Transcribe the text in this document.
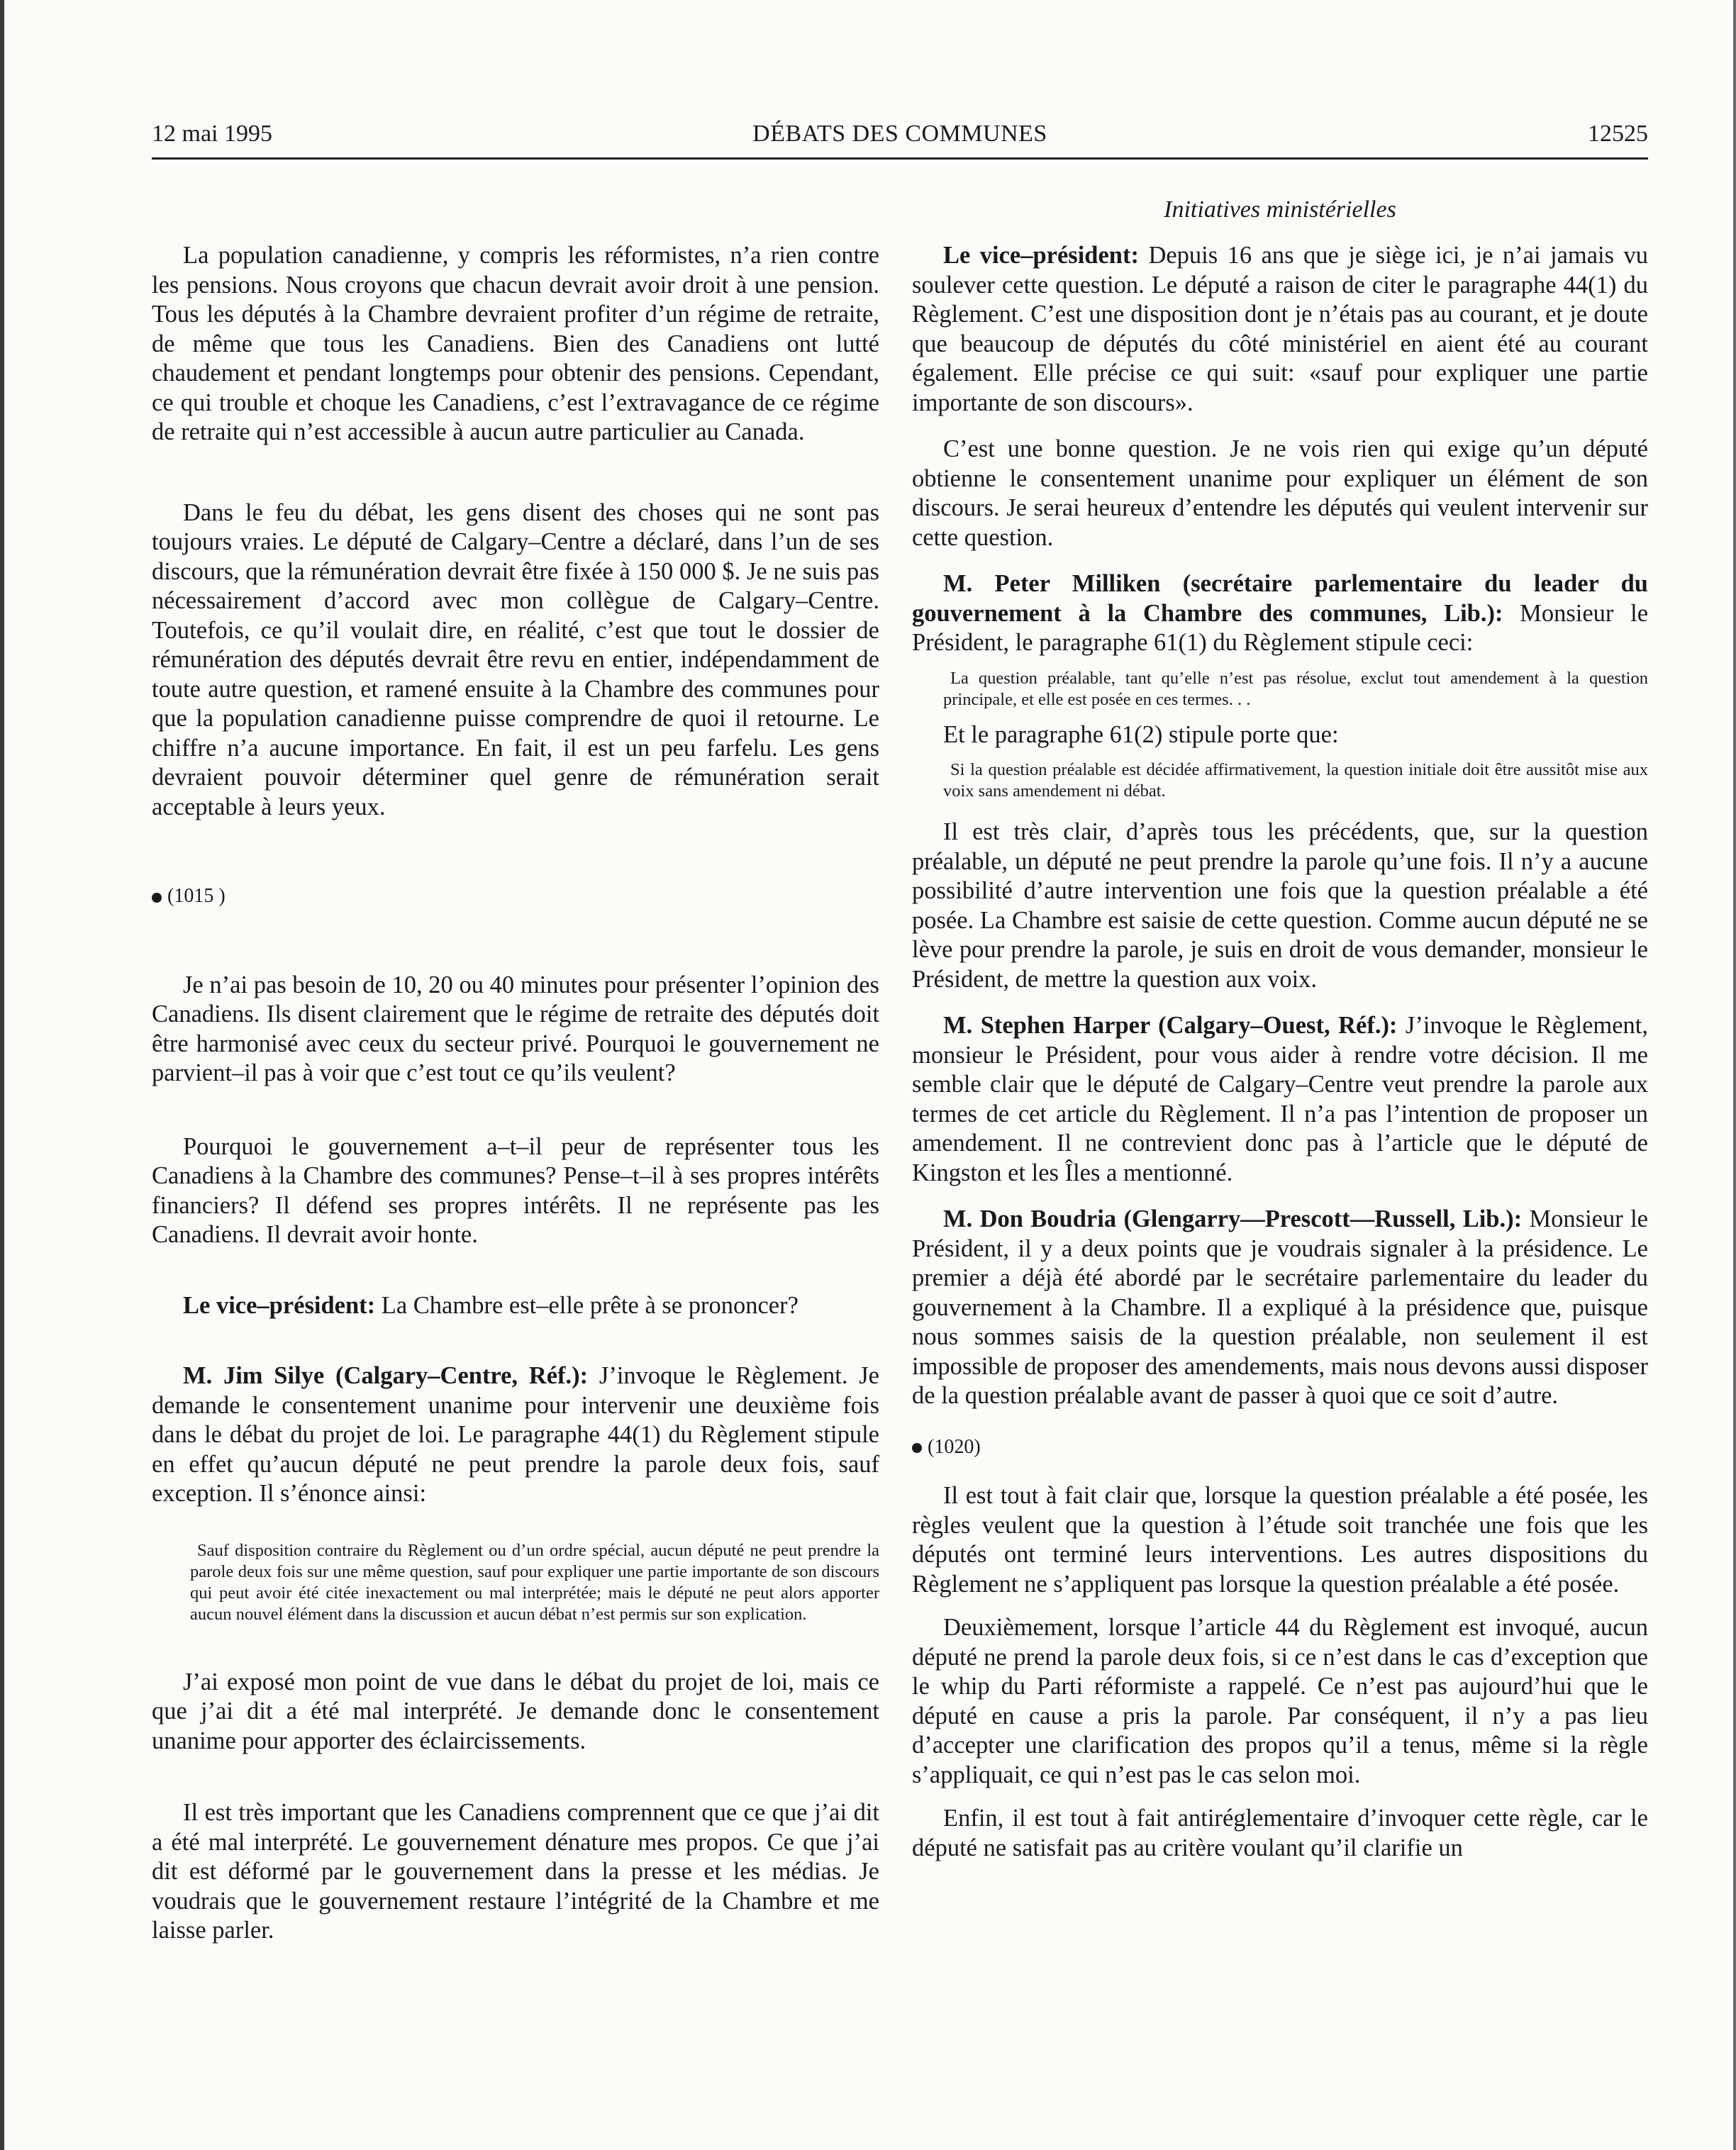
12 mai 1995	DÉBATS DES COMMUNES	12525

La population canadienne, y compris les réformistes, n’a rien contre les pensions. Nous croyons que chacun devrait avoir droit à une pension. Tous les députés à la Chambre devraient profiter d’un régime de retraite, de même que tous les Canadiens. Bien des Canadiens ont lutté chaudement et pendant longtemps pour obtenir des pensions. Cependant, ce qui trouble et choque les Canadiens, c’est l’extravagance de ce régime de retraite qui n’est accessible à aucun autre particulier au Canada.

Dans le feu du débat, les gens disent des choses qui ne sont pas toujours vraies. Le député de Calgary–Centre a déclaré, dans l’un de ses discours, que la rémunération devrait être fixée à 150 000 $. Je ne suis pas nécessairement d’accord avec mon collègue de Calgary–Centre. Toutefois, ce qu’il voulait dire, en réalité, c’est que tout le dossier de rémunération des députés devrait être revu en entier, indépendamment de toute autre question, et ramené ensuite à la Chambre des communes pour que la population canadienne puisse comprendre de quoi il retourne. Le chiffre n’a aucune importance. En fait, il est un peu farfelu. Les gens devraient pouvoir déterminer quel genre de rémunération serait acceptable à leurs yeux.

(1015 )

Je n’ai pas besoin de 10, 20 ou 40 minutes pour présenter l’opinion des Canadiens. Ils disent clairement que le régime de retraite des députés doit être harmonisé avec ceux du secteur privé. Pourquoi le gouvernement ne parvient–il pas à voir que c’est tout ce qu’ils veulent?

Pourquoi le gouvernement a–t–il peur de représenter tous les Canadiens à la Chambre des communes? Pense–t–il à ses propres intérêts financiers? Il défend ses propres intérêts. Il ne représente pas les Canadiens. Il devrait avoir honte.

Le vice–président: La Chambre est–elle prête à se prononcer?

M. Jim Silye (Calgary–Centre, Réf.): J’invoque le Règlement. Je demande le consentement unanime pour intervenir une deuxième fois dans le débat du projet de loi. Le paragraphe 44(1) du Règlement stipule en effet qu’aucun député ne peut prendre la parole deux fois, sauf exception. Il s’énonce ainsi:

Sauf disposition contraire du Règlement ou d’un ordre spécial, aucun député ne peut prendre la parole deux fois sur une même question, sauf pour expliquer une partie importante de son discours qui peut avoir été citée inexactement ou mal interprétée; mais le député ne peut alors apporter aucun nouvel élément dans la discussion et aucun débat n’est permis sur son explication.

J’ai exposé mon point de vue dans le débat du projet de loi, mais ce que j’ai dit a été mal interprété. Je demande donc le consentement unanime pour apporter des éclaircissements.

Il est très important que les Canadiens comprennent que ce que j’ai dit a été mal interprété. Le gouvernement dénature mes propos. Ce que j’ai dit est déformé par le gouvernement dans la presse et les médias. Je voudrais que le gouvernement restaure l’intégrité de la Chambre et me laisse parler.

Initiatives ministérielles

Le vice–président: Depuis 16 ans que je siège ici, je n’ai jamais vu soulever cette question. Le député a raison de citer le paragraphe 44(1) du Règlement. C’est une disposition dont je n’étais pas au courant, et je doute que beaucoup de députés du côté ministériel en aient été au courant également. Elle précise ce qui suit: «sauf pour expliquer une partie importante de son discours».

C’est une bonne question. Je ne vois rien qui exige qu’un député obtienne le consentement unanime pour expliquer un élément de son discours. Je serai heureux d’entendre les députés qui veulent intervenir sur cette question.

M. Peter Milliken (secrétaire parlementaire du leader du gouvernement à la Chambre des communes, Lib.): Monsieur le Président, le paragraphe 61(1) du Règlement stipule ceci:

La question préalable, tant qu’elle n’est pas résolue, exclut tout amendement à la question principale, et elle est posée en ces termes. . .

Et le paragraphe 61(2) stipule porte que:

Si la question préalable est décidée affirmativement, la question initiale doit être aussitôt mise aux voix sans amendement ni débat.

Il est très clair, d’après tous les précédents, que, sur la question préalable, un député ne peut prendre la parole qu’une fois. Il n’y a aucune possibilité d’autre intervention une fois que la question préalable a été posée. La Chambre est saisie de cette question. Comme aucun député ne se lève pour prendre la parole, je suis en droit de vous demander, monsieur le Président, de mettre la question aux voix.

M. Stephen Harper (Calgary–Ouest, Réf.): J’invoque le Règlement, monsieur le Président, pour vous aider à rendre votre décision. Il me semble clair que le député de Calgary–Centre veut prendre la parole aux termes de cet article du Règlement. Il n’a pas l’intention de proposer un amendement. Il ne contrevient donc pas à l’article que le député de Kingston et les Îles a mentionné.

M. Don Boudria (Glengarry—Prescott—Russell, Lib.): Monsieur le Président, il y a deux points que je voudrais signaler à la présidence. Le premier a déjà été abordé par le secrétaire parlementaire du leader du gouvernement à la Chambre. Il a expliqué à la présidence que, puisque nous sommes saisis de la question préalable, non seulement il est impossible de proposer des amendements, mais nous devons aussi disposer de la question préalable avant de passer à quoi que ce soit d’autre.

(1020)

Il est tout à fait clair que, lorsque la question préalable a été posée, les règles veulent que la question à l’étude soit tranchée une fois que les députés ont terminé leurs interventions. Les autres dispositions du Règlement ne s’appliquent pas lorsque la question préalable a été posée.

Deuxièmement, lorsque l’article 44 du Règlement est invoqué, aucun député ne prend la parole deux fois, si ce n’est dans le cas d’exception que le whip du Parti réformiste a rappelé. Ce n’est pas aujourd’hui que le député en cause a pris la parole. Par conséquent, il n’y a pas lieu d’accepter une clarification des propos qu’il a tenus, même si la règle s’appliquait, ce qui n’est pas le cas selon moi.

Enfin, il est tout à fait antiréglementaire d’invoquer cette règle, car le député ne satisfait pas au critère voulant qu’il clarifie un
